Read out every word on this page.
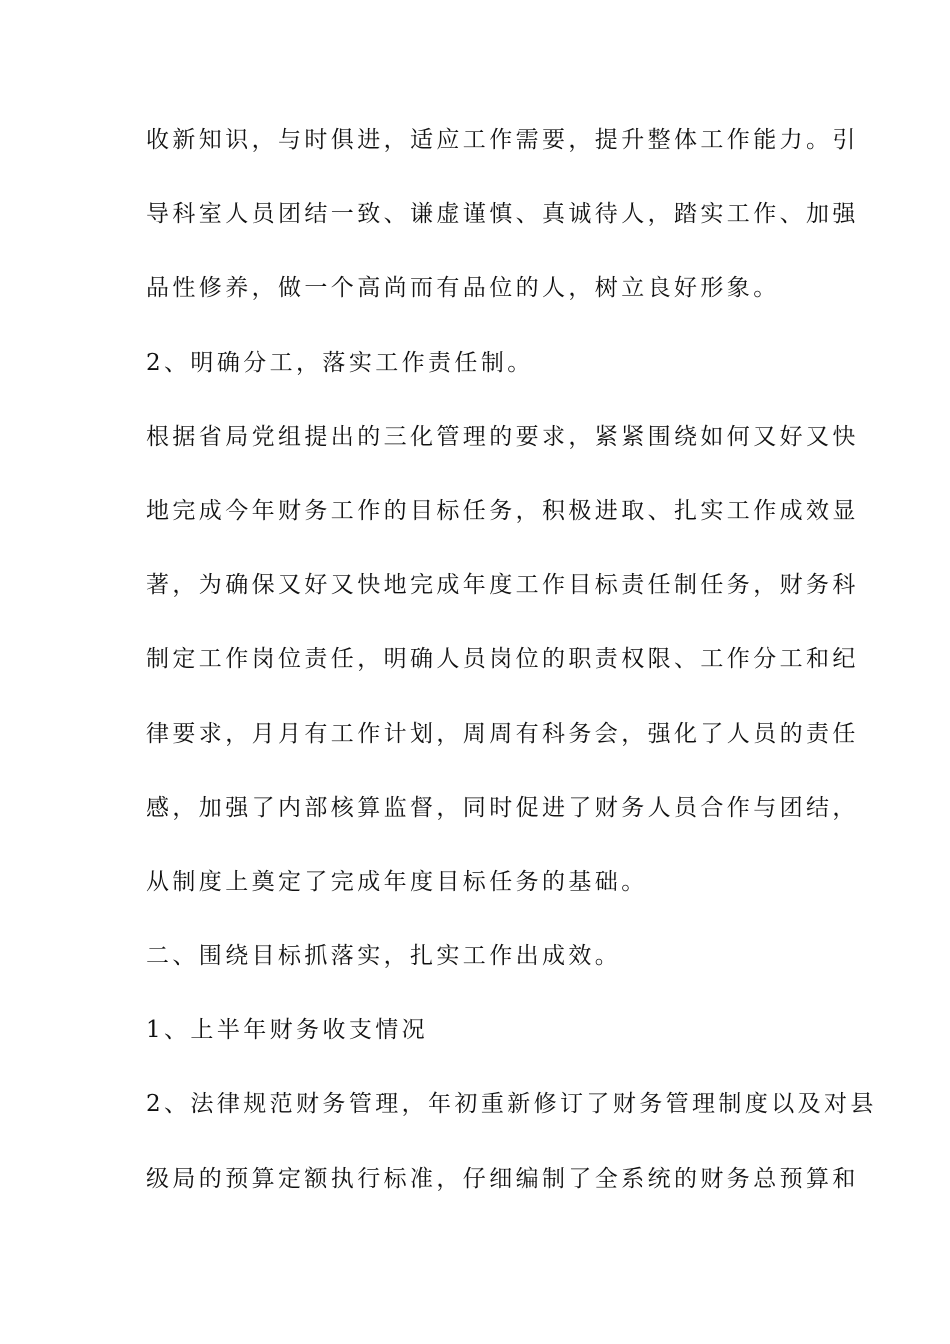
收新知识，与时俱进，适应工作需要，提升整体工作能力。引
导科室人员团结一致、谦虚谨慎、真诚待人，踏实工作、加强
品性修养，做一个高尚而有品位的人，树立良好形象。
2、明确分工，落实工作责任制。
根据省局党组提出的三化管理的要求，紧紧围绕如何又好又快
地完成今年财务工作的目标任务，积极进取、扎实工作成效显
著，为确保又好又快地完成年度工作目标责任制任务，财务科
制定工作岗位责任，明确人员岗位的职责权限、工作分工和纪
律要求，月月有工作计划，周周有科务会，强化了人员的责任
感，加强了内部核算监督，同时促进了财务人员合作与团结，
从制度上奠定了完成年度目标任务的基础。
二、围绕目标抓落实，扎实工作出成效。
1、上半年财务收支情况
2、法律规范财务管理，年初重新修订了财务管理制度以及对县
级局的预算定额执行标准，仔细编制了全系统的财务总预算和
